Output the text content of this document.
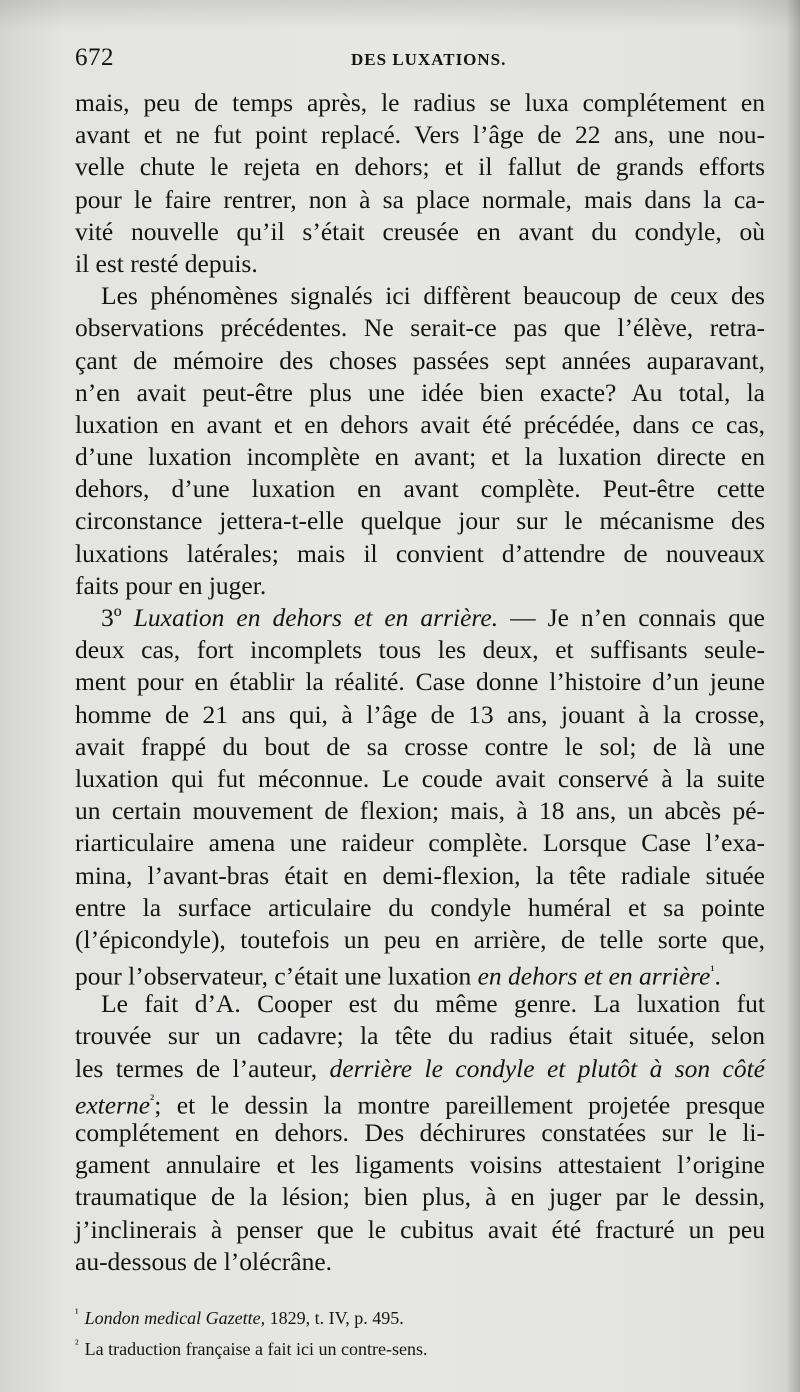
672	DES LUXATIONS.
mais, peu de temps après, le radius se luxa complétement en
avant et ne fut point replacé. Vers l’âge de 22 ans, une nou-
velle chute le rejeta en dehors; et il fallut de grands efforts
pour le faire rentrer, non à sa place normale, mais dans la ca-
vité nouvelle qu’il s’était creusée en avant du condyle, où
il est resté depuis.
Les phénomènes signalés ici diffèrent beaucoup de ceux des
observations précédentes. Ne serait-ce pas que l’élève, retra-
çant de mémoire des choses passées sept années auparavant,
n’en avait peut-être plus une idée bien exacte? Au total, la
luxation en avant et en dehors avait été précédée, dans ce cas,
d’une luxation incomplète en avant; et la luxation directe en
dehors, d’une luxation en avant complète. Peut-être cette
circonstance jettera-t-elle quelque jour sur le mécanisme des
luxations latérales; mais il convient d’attendre de nouveaux
faits pour en juger.
3º Luxation en dehors et en arrière. — Je n’en connais que
deux cas, fort incomplets tous les deux, et suffisants seule-
ment pour en établir la réalité. Case donne l’histoire d’un jeune
homme de 21 ans qui, à l’âge de 13 ans, jouant à la crosse,
avait frappé du bout de sa crosse contre le sol; de là une
luxation qui fut méconnue. Le coude avait conservé à la suite
un certain mouvement de flexion; mais, à 18 ans, un abcès pé-
riarticulaire amena une raideur complète. Lorsque Case l’exa-
mina, l’avant-bras était en demi-flexion, la tête radiale située
entre la surface articulaire du condyle huméral et sa pointe
(l’épicondyle), toutefois un peu en arrière, de telle sorte que,
pour l’observateur, c’était une luxation en dehors et en arrière$^{^1}$.
Le fait d’A. Cooper est du même genre. La luxation fut
trouvée sur un cadavre; la tête du radius était située, selon
les termes de l’auteur, derrière le condyle et plutôt à son côté
externe$^{^2}$; et le dessin la montre pareillement projetée presque
complétement en dehors. Des déchirures constatées sur le li-
gament annulaire et les ligaments voisins attestaient l’origine
traumatique de la lésion; bien plus, à en juger par le dessin,
j’inclinerais à penser que le cubitus avait été fracturé un peu
au-dessous de l’olécrâne.
$^{^1}$ London medical Gazette, 1829, t. IV, p. 495.
$^{^2}$ La traduction française a fait ici un contre-sens.
